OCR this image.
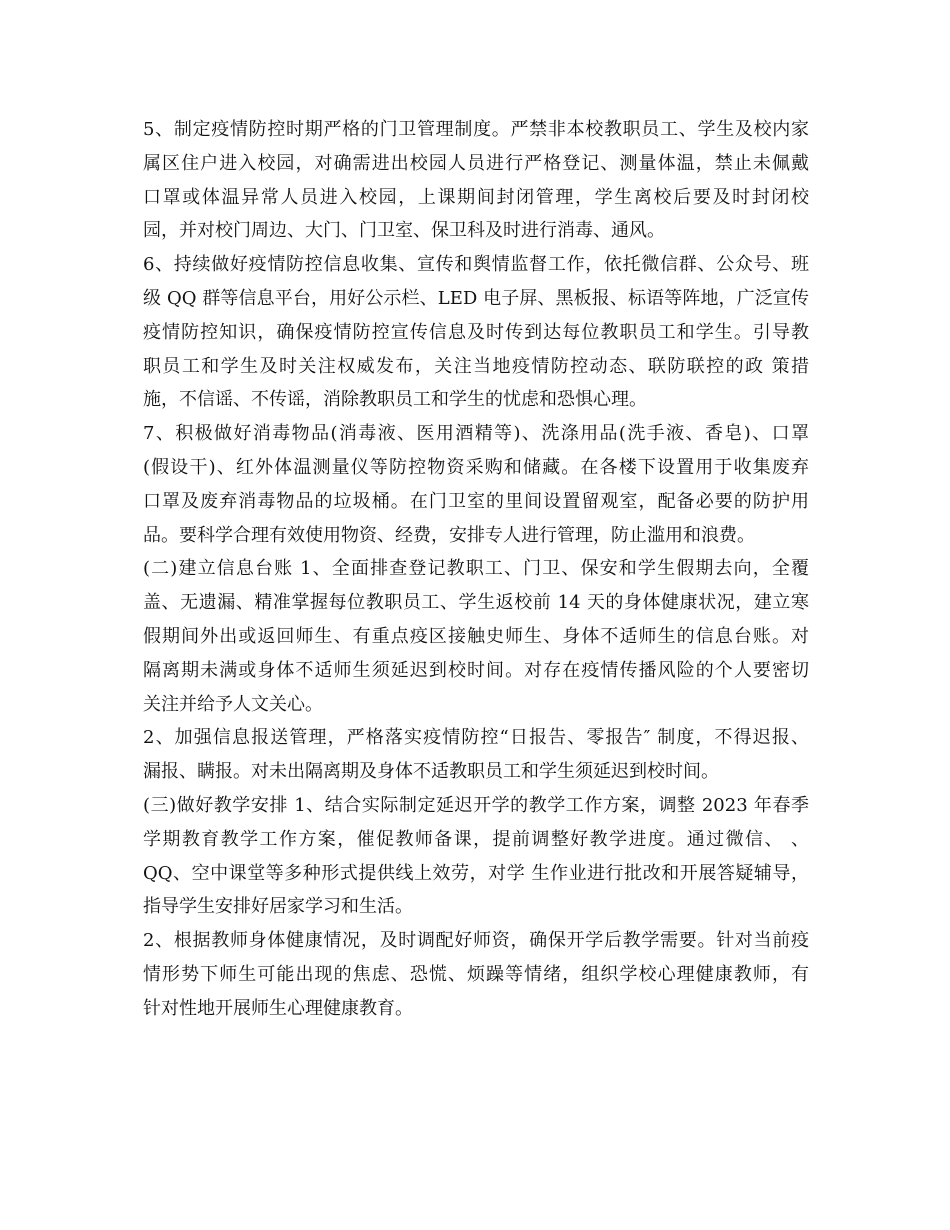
5、制定疫情防控时期严格的门卫管理制度。严禁非本校教职员工、学生及校内家
属区住户进入校园，对确需进出校园人员进行严格登记、测量体温，禁止未佩戴
口罩或体温异常人员进入校园，上课期间封闭管理，学生离校后要及时封闭校
园，并对校门周边、大门、门卫室、保卫科及时进行消毒、通风。
6、持续做好疫情防控信息收集、宣传和舆情监督工作，依托微信群、公众号、班
级 QQ 群等信息平台，用好公示栏、LED 电子屏、黑板报、标语等阵地，广泛宣传
疫情防控知识，确保疫情防控宣传信息及时传到达每位教职员工和学生。引导教
职员工和学生及时关注权威发布，关注当地疫情防控动态、联防联控的政 策措
施，不信谣、不传谣，消除教职员工和学生的忧虑和恐惧心理。
7、积极做好消毒物品(消毒液、医用酒精等)、洗涤用品(洗手液、香皂)、口罩
(假设干)、红外体温测量仪等防控物资采购和储藏。在各楼下设置用于收集废弃
口罩及废弃消毒物品的垃圾桶。在门卫室的里间设置留观室，配备必要的防护用
品。要科学合理有效使用物资、经费，安排专人进行管理，防止滥用和浪费。
(二)建立信息台账 1、全面排查登记教职工、门卫、保安和学生假期去向，全覆
盖、无遗漏、精准掌握每位教职员工、学生返校前 14 天的身体健康状况，建立寒
假期间外出或返回师生、有重点疫区接触史师生、身体不适师生的信息台账。对
隔离期未满或身体不适师生须延迟到校时间。对存在疫情传播风险的个人要密切
关注并给予人文关心。
2、加强信息报送管理，严格落实疫情防控“日报告、零报告″ 制度，不得迟报、
漏报、瞒报。对未出隔离期及身体不适教职员工和学生须延迟到校时间。
(三)做好教学安排 1、结合实际制定延迟开学的教学工作方案，调整 2023 年春季
学期教育教学工作方案，催促教师备课，提前调整好教学进度。通过微信、 、
QQ、空中课堂等多种形式提供线上效劳，对学 生作业进行批改和开展答疑辅导，
指导学生安排好居家学习和生活。
2、根据教师身体健康情况，及时调配好师资，确保开学后教学需要。针对当前疫
情形势下师生可能出现的焦虑、恐慌、烦躁等情绪，组织学校心理健康教师，有
针对性地开展师生心理健康教育。
